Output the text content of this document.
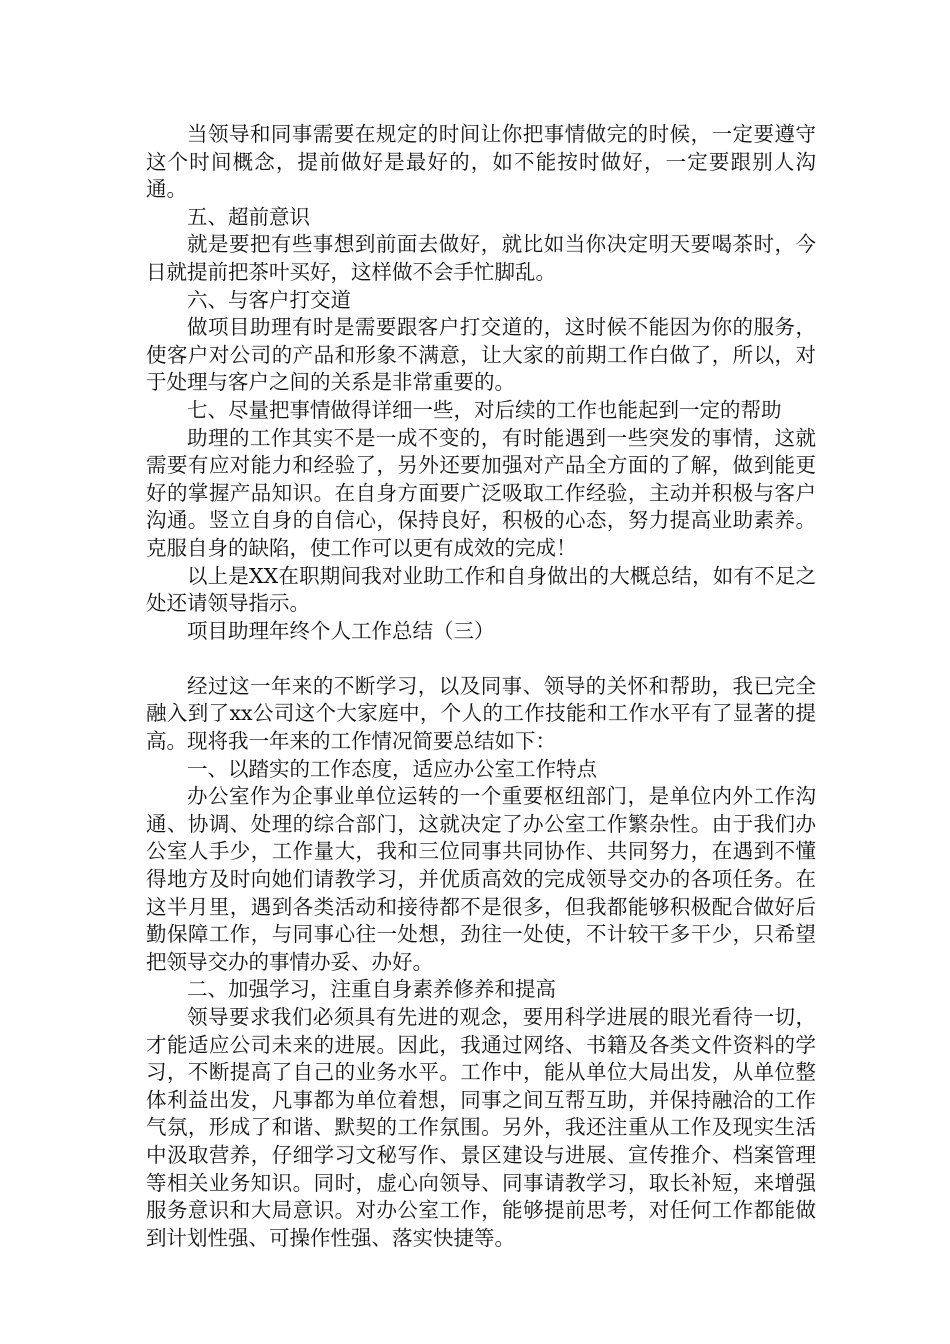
当领导和同事需要在规定的时间让你把事情做完的时候，一定要遵守这个时间概念，提前做好是最好的，如不能按时做好，一定要跟别人沟通。

五、超前意识

就是要把有些事想到前面去做好，就比如当你决定明天要喝茶时，今日就提前把茶叶买好，这样做不会手忙脚乱。

六、与客户打交道

做项目助理有时是需要跟客户打交道的，这时候不能因为你的服务，使客户对公司的产品和形象不满意，让大家的前期工作白做了，所以，对于处理与客户之间的关系是非常重要的。

七、尽量把事情做得详细一些，对后续的工作也能起到一定的帮助

助理的工作其实不是一成不变的，有时能遇到一些突发的事情，这就需要有应对能力和经验了，另外还要加强对产品全方面的了解，做到能更好的掌握产品知识。在自身方面要广泛吸取工作经验，主动并积极与客户沟通。竖立自身的自信心，保持良好，积极的心态，努力提高业助素养。克服自身的缺陷，使工作可以更有成效的完成！

以上是XX在职期间我对业助工作和自身做出的大概总结，如有不足之处还请领导指示。

项目助理年终个人工作总结（三）

经过这一年来的不断学习，以及同事、领导的关怀和帮助，我已完全融入到了xx公司这个大家庭中，个人的工作技能和工作水平有了显著的提高。现将我一年来的工作情况简要总结如下：

一、以踏实的工作态度，适应办公室工作特点

办公室作为企事业单位运转的一个重要枢纽部门，是单位内外工作沟通、协调、处理的综合部门，这就决定了办公室工作繁杂性。由于我们办公室人手少，工作量大，我和三位同事共同协作、共同努力，在遇到不懂得地方及时向她们请教学习，并优质高效的完成领导交办的各项任务。在这半月里，遇到各类活动和接待都不是很多，但我都能够积极配合做好后勤保障工作，与同事心往一处想，劲往一处使，不计较干多干少，只希望把领导交办的事情办妥、办好。

二、加强学习，注重自身素养修养和提高

领导要求我们必须具有先进的观念，要用科学进展的眼光看待一切，才能适应公司未来的进展。因此，我通过网络、书籍及各类文件资料的学习，不断提高了自己的业务水平。工作中，能从单位大局出发，从单位整体利益出发，凡事都为单位着想，同事之间互帮互助，并保持融洽的工作气氛，形成了和谐、默契的工作氛围。另外，我还注重从工作及现实生活中汲取营养，仔细学习文秘写作、景区建设与进展、宣传推介、档案管理等相关业务知识。同时，虚心向领导、同事请教学习，取长补短，来增强服务意识和大局意识。对办公室工作，能够提前思考，对任何工作都能做到计划性强、可操作性强、落实快捷等。
